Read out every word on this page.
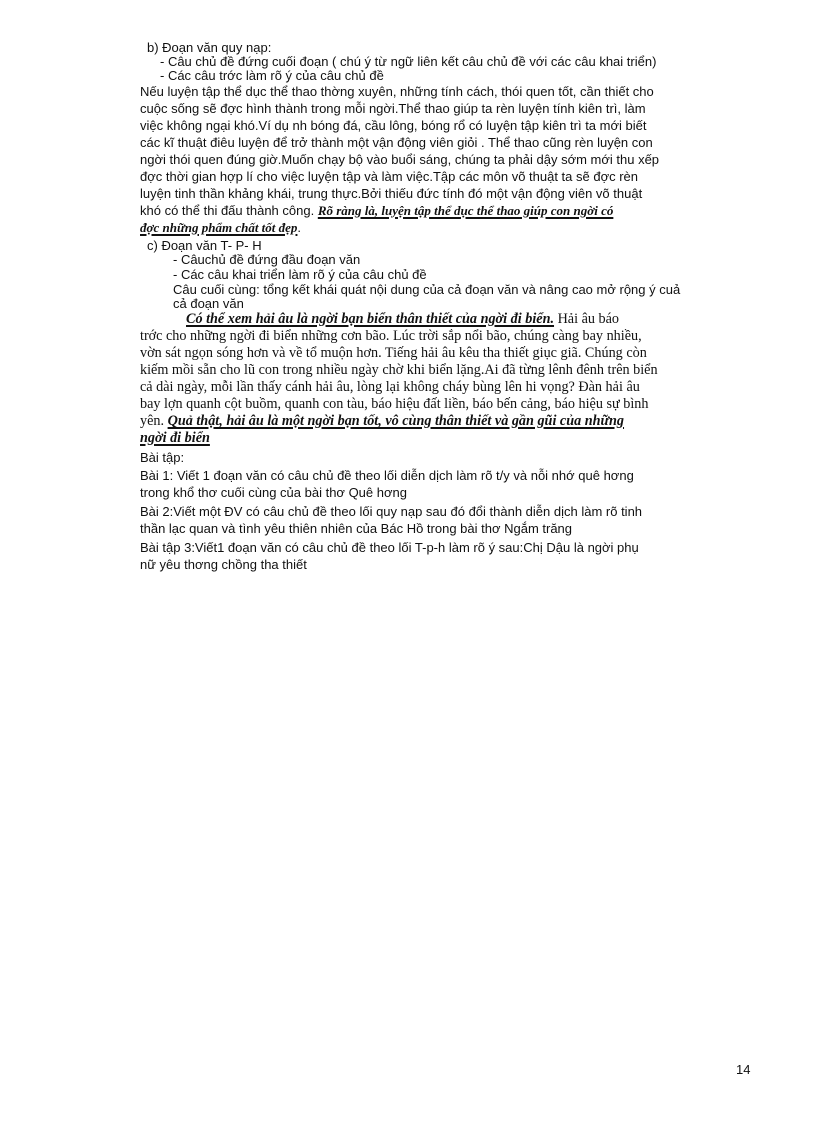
b) Đoạn văn quy nạp:
- Câu chủ đề đứng cuối đoạn ( chú ý từ ngữ liên kết câu chủ đề với các câu khai triển)
- Các câu trớc làm rõ ý của câu chủ đề
Nếu luyện tập thể dục thể thao thờng xuyên, những tính cách, thói quen tốt, cần thiết cho
cuộc sống sẽ đợc hình thành trong mỗi ngời.Thể thao giúp ta rèn luyện tính kiên trì, làm
việc không ngại khó.Ví dụ nh bóng đá, cầu lông, bóng rổ có luyện tập kiên trì ta mới biết
các kĩ thuật điêu luyện để trở thành một vận động viên giỏi . Thể thao cũng rèn luyện con
ngời thói quen đúng giờ.Muốn chạy bộ vào buổi sáng, chúng ta phải dậy sớm mới thu xếp
đợc thời gian hợp lí cho việc luyện tập và làm việc.Tập các môn võ thuật ta sẽ đợc rèn
luyện tinh thần khảng khái, trung thực.Bởi thiếu đức tính đó một vận động viên võ thuật
khó có thể thi đấu thành công. Rõ ràng là, luyện tập thể dục thể thao giúp con ngời có
đợc những phẩm chất tốt đẹp.
c) Đoạn văn T- P- H
- Câuchủ đề đứng đầu đoạn văn
- Các câu khai triển làm rõ ý của câu chủ đề
Câu cuối cùng: tổng kết khái quát nội dung của cả đoạn văn và nâng cao mở rộng ý cuả
cả đoạn văn
Có thể xem hải âu là ngời bạn biển thân thiết của ngời đi biển. Hải âu báo
trớc cho những ngời đi biển những cơn bão. Lúc trời sắp nổi bão, chúng càng bay nhiều,
vờn sát ngọn sóng hơn và về tổ muộn hơn. Tiếng hải âu kêu tha thiết giục giã. Chúng còn
kiếm mồi sẵn cho lũ con trong nhiều ngày chờ khi biển lặng.Ai đã từng lênh đênh trên biển
cả dài ngày, mỗi lần thấy cánh hải âu, lòng lại không cháy bùng lên hi vọng? Đàn hải âu
bay lợn quanh cột buồm, quanh con tàu, báo hiệu đất liền, báo bến cảng, báo hiệu sự bình
yên. Quả thật, hải âu là một ngời bạn tốt, vô cùng thân thiết và gần gũi của những
ngời đi biển
Bài tập:
Bài 1: Viết 1 đoạn văn có câu chủ đề theo lối diễn dịch làm rõ t/y và nỗi nhớ quê hơng
trong khổ thơ cuối cùng của bài thơ Quê hơng
Bài 2:Viết một ĐV có câu chủ đề theo lối quy nạp sau đó đổi thành diễn dịch làm rõ tinh
thần lạc quan và tình yêu thiên nhiên của Bác Hồ trong bài thơ Ngắm trăng
Bài tập 3:Viết1 đoạn văn có câu chủ đề theo lối T-p-h làm rõ ý sau:Chị Dậu là ngời phụ
nữ yêu thơng chồng tha thiết
14
